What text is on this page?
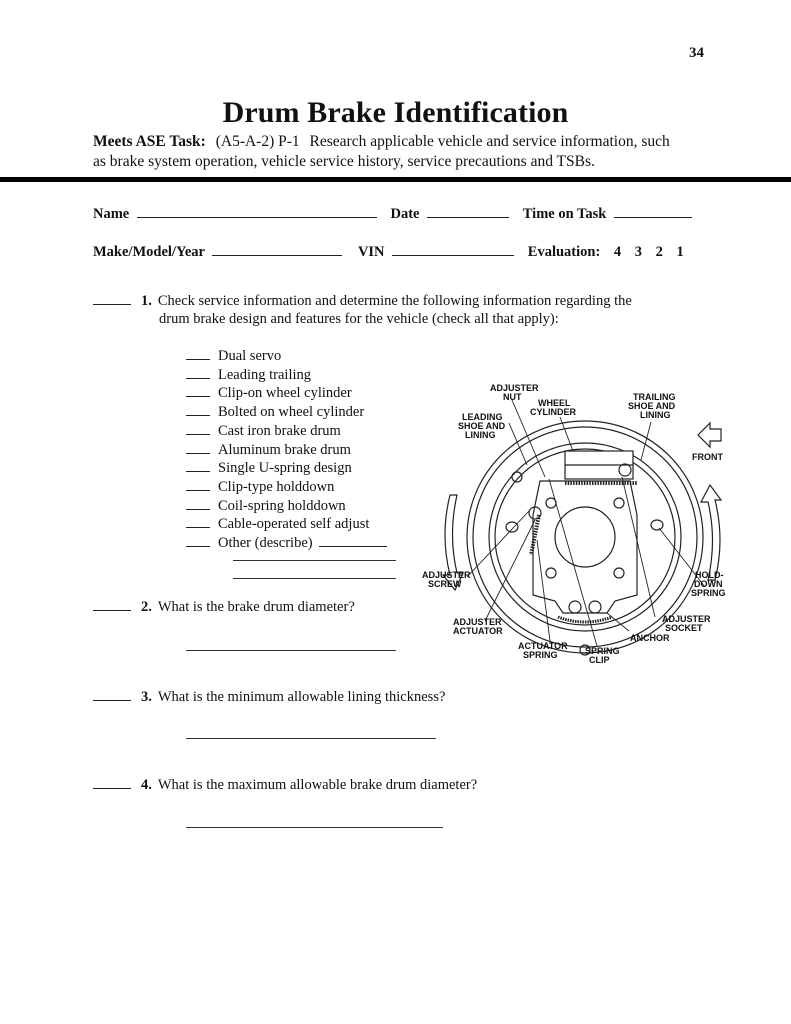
34
Drum Brake Identification
Meets ASE Task: (A5-A-2) P-1 Research applicable vehicle and service information, such
as brake system operation, vehicle service history, service precautions and TSBs.
Name	Date	Time on Task
Make/Model/Year	VIN	Evaluation: 4 3 2 1
1. Check service information and determine the following information regarding the
drum brake design and features for the vehicle (check all that apply):
Dual servo
Leading trailing
Clip-on wheel cylinder
Bolted on wheel cylinder
Cast iron brake drum
Aluminum brake drum
Single U-spring design
Clip-type holddown
Coil-spring holddown
Cable-operated self adjust
Other (describe)
2. What is the brake drum diameter?
3. What is the minimum allowable lining thickness?
4. What is the maximum allowable brake drum diameter?
ADJUSTER
NUT
WHEEL
CYLINDER
LEADING
SHOE AND
LINING
TRAILING
SHOE AND
LINING
FRONT
ADJUSTER
SCREW
HOLD-
DOWN
SPRING
ADJUSTER
ACTUATOR
ADJUSTER
SOCKET
ANCHOR
ACTUATOR
SPRING	SPRING
CLIP
